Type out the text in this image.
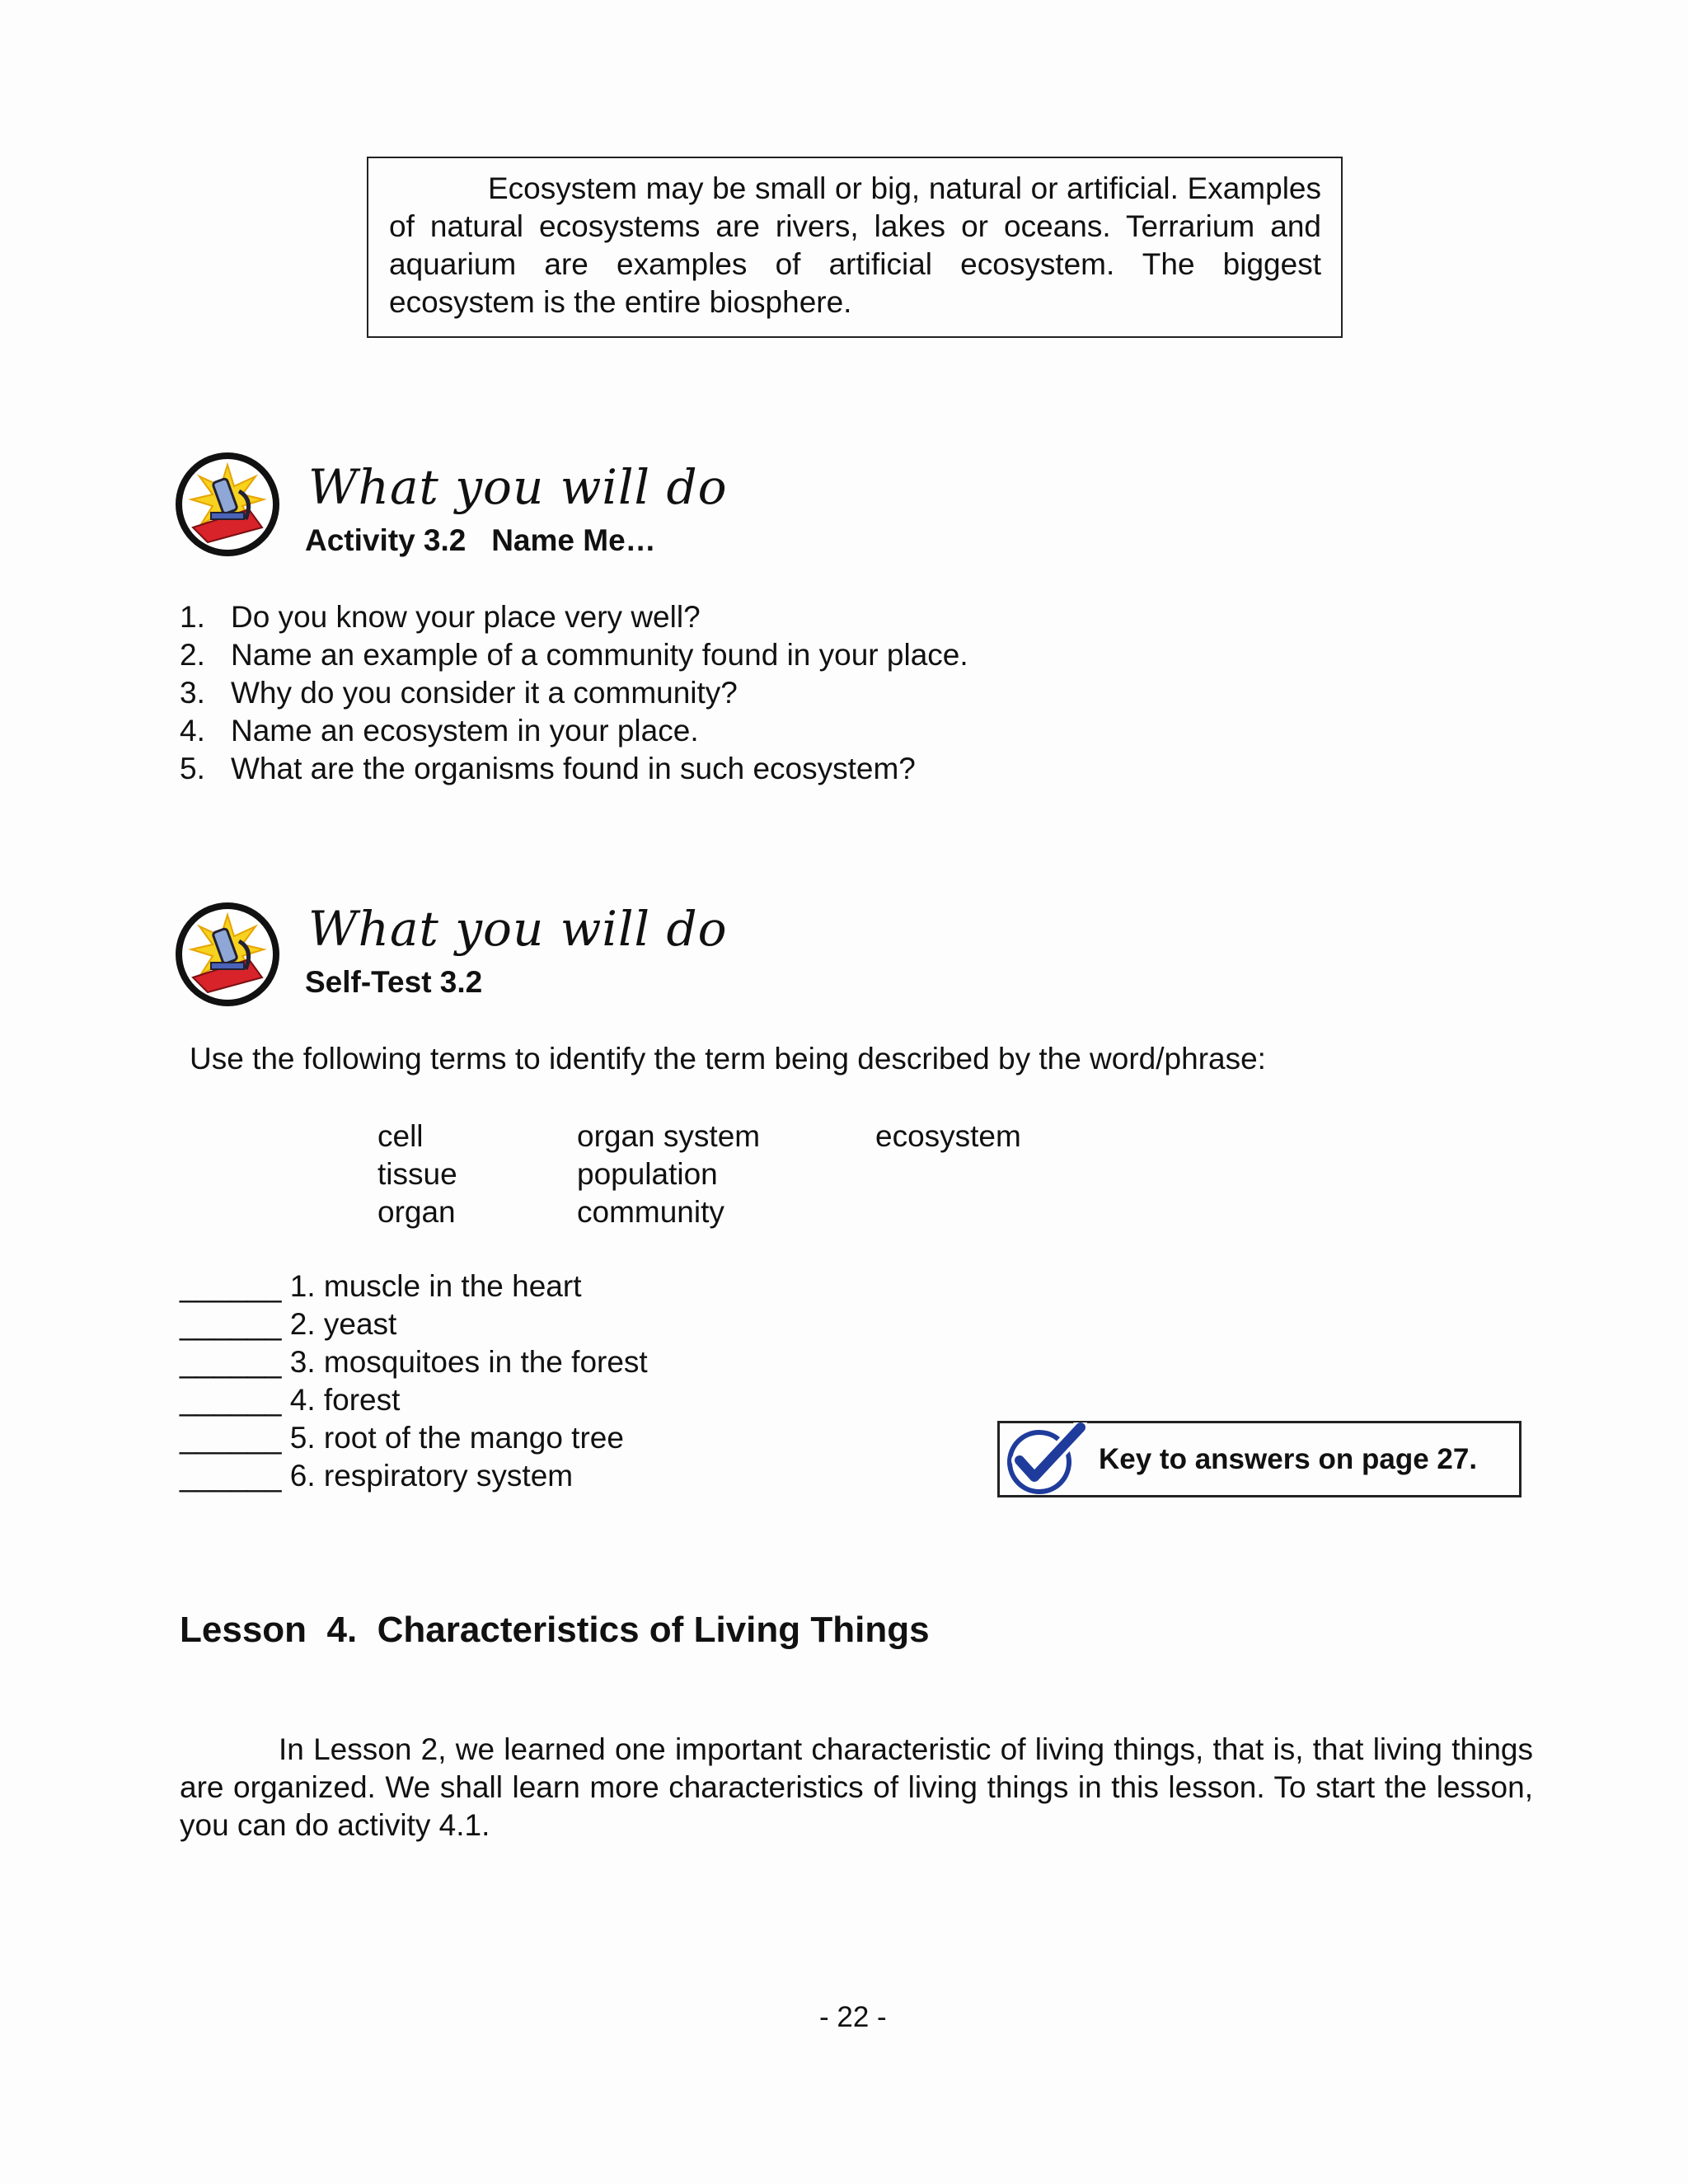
Ecosystem may be small or big, natural or artificial. Examples of natural ecosystems are rivers, lakes or oceans. Terrarium and aquarium are examples of artificial ecosystem. The biggest ecosystem is the entire biosphere.

What you will do
Activity 3.2   Name Me…
1. Do you know your place very well?
2. Name an example of a community found in your place.
3. Why do you consider it a community?
4. Name an ecosystem in your place.
5. What are the organisms found in such ecosystem?
What you will do
Self-Test 3.2
Use the following terms to identify the term being described by the word/phrase:
cell	organ system	ecosystem
tissue	population
organ	community
______ 1. muscle in the heart
______ 2. yeast
______ 3. mosquitoes in the forest
______ 4. forest
______ 5. root of the mango tree
______ 6. respiratory system	Key to answers on page 27.
Lesson  4.  Characteristics of Living Things

In Lesson 2, we learned one important characteristic of living things, that is, that living things are organized. We shall learn more characteristics of living things in this lesson. To start the lesson, you can do activity 4.1.

- 22 -
